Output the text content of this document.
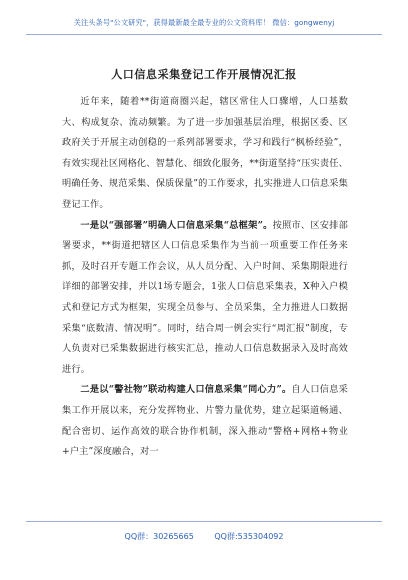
关注头条号"公文研究"，获得最新最全最专业的公文资料库！ 微信：gongwenyj
人口信息采集登记工作开展情况汇报

近年来，随着**街道商圈兴起，辖区常住人口骤增，人口基数大、构成复杂、流动频繁。为了进一步加强基层治理，根据区委、区政府关于开展主动创稳的一系列部署要求，学习和践行“枫桥经验”，有效实现社区网格化、智慧化、细致化服务，**街道坚持“压实责任、明确任务、规范采集、保质保量”的工作要求，扎实推进人口信息采集登记工作。

一是以“强部署”明确人口信息采集“总框架”。按照市、区安排部署要求，**街道把辖区人口信息采集作为当前一项重要工作任务来抓，及时召开专题工作会议，从人员分配、入户时间、采集期限进行详细的部署安排，并以1场专题会，1张人口信息采集表，X种入户模式和登记方式为框架，实现全员参与、全员采集，全力推进人口数据采集“底数清、情况明”。同时，结合周一例会实行“周汇报”制度，专人负责对已采集数据进行核实汇总，推动人口信息数据录入及时高效进行。

二是以“警社物”联动构建人口信息采集“同心力”。自人口信息采集工作开展以来，充分发挥物业、片警力量优势，建立起渠道畅通、配合密切、运作高效的联合协作机制，深入推动“警格+网格+物业+户主”深度融合，对一

QQ群：30265665	QQ群:535304092
